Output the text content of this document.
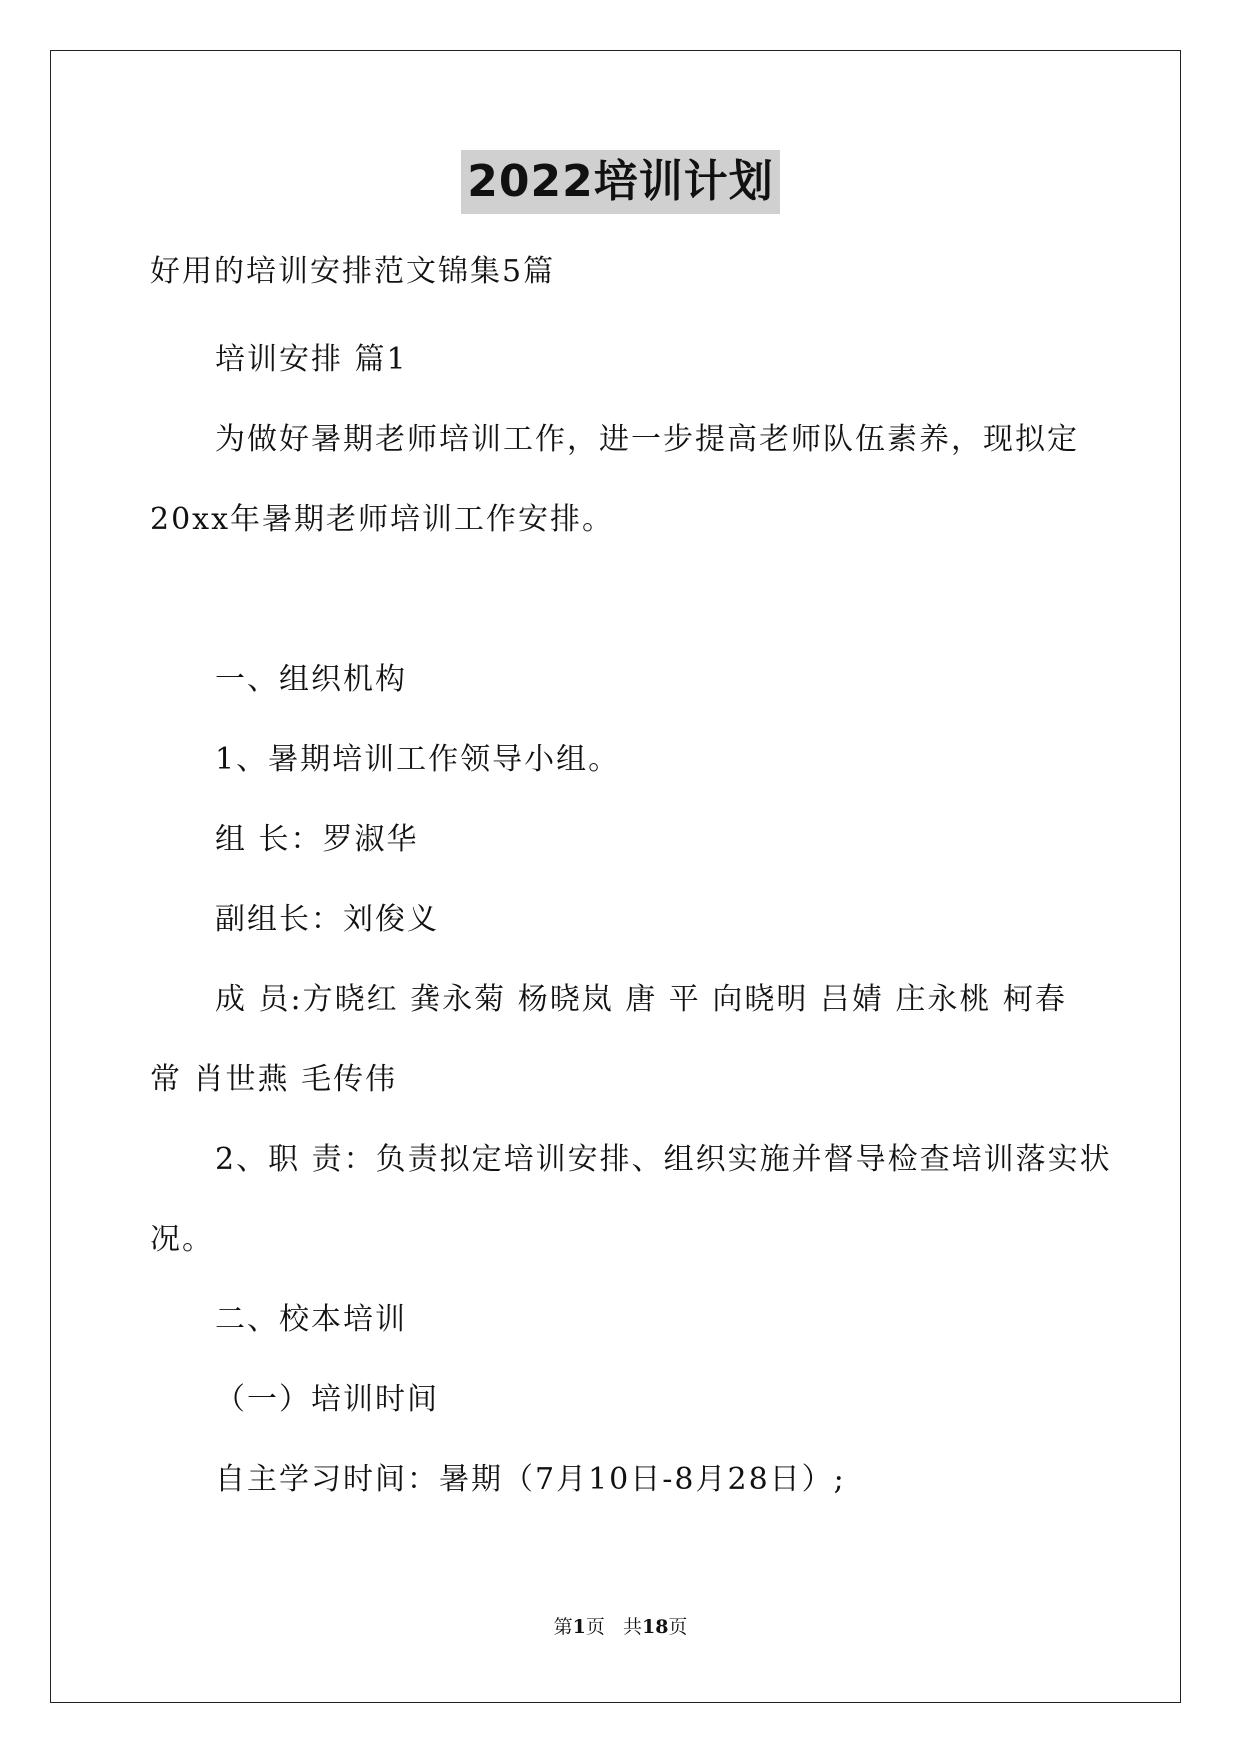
2022培训计划
好用的培训安排范文锦集5篇
培训安排 篇1
为做好暑期老师培训工作，进一步提高老师队伍素养，现拟定
20xx年暑期老师培训工作安排。
一、组织机构
1、暑期培训工作领导小组。
组 长：罗淑华
副组长：刘俊义
成 员:方晓红 龚永菊 杨晓岚 唐 平 向晓明 吕婧 庄永桃 柯春
常 肖世燕 毛传伟
2、职 责：负责拟定培训安排、组织实施并督导检查培训落实状
况。
二、校本培训
（一）培训时间
自主学习时间：暑期（7月10日-8月28日）;
第1页 共18页
